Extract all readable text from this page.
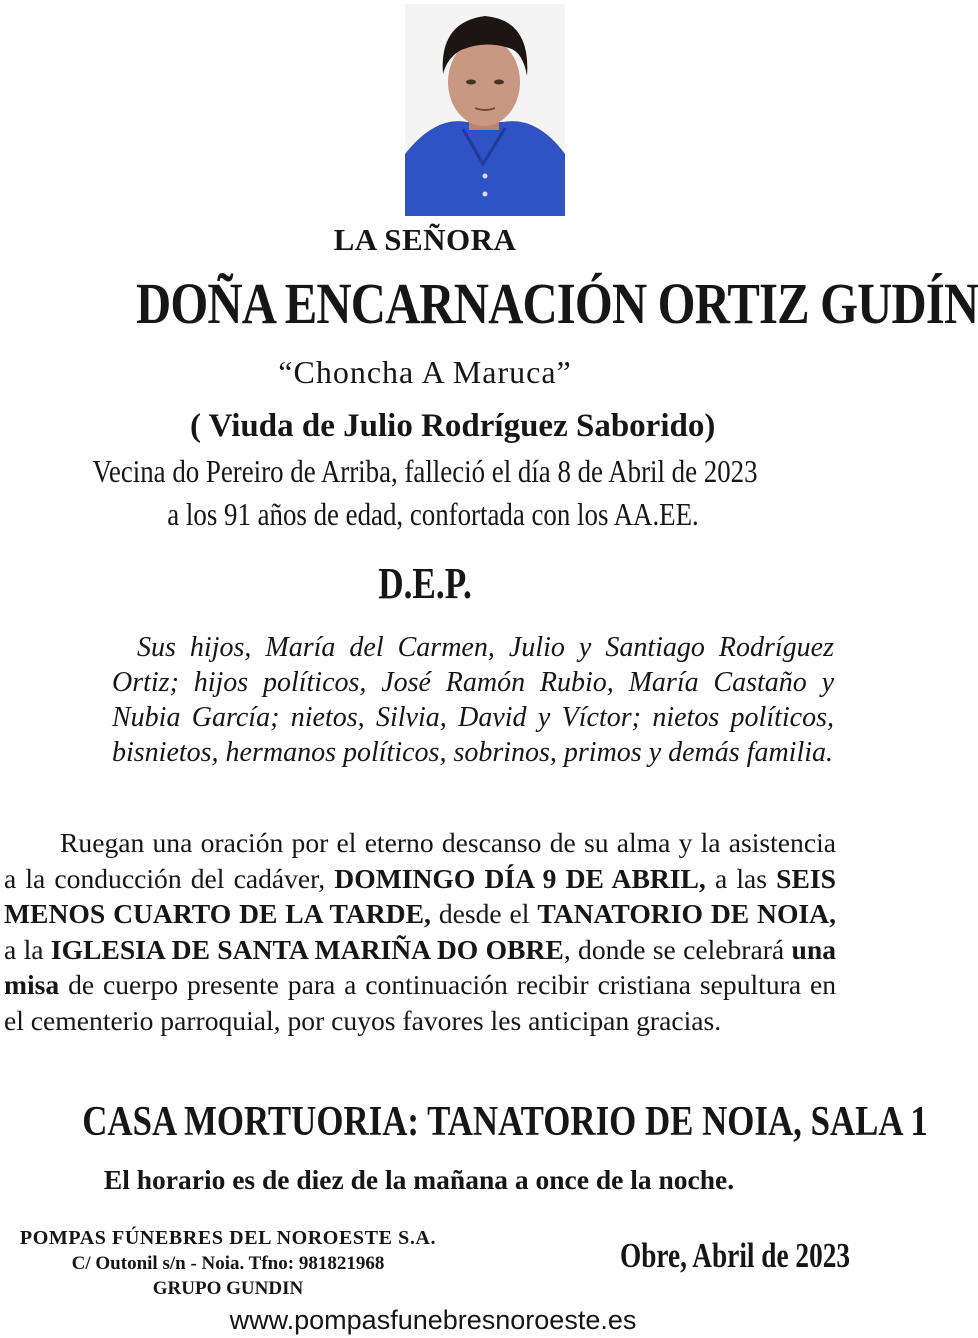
LA SEÑORA
DOÑA ENCARNACIÓN ORTIZ GUDÍN
“Choncha A Maruca”
( Viuda de Julio Rodríguez Saborido)
Vecina do Pereiro de Arriba, falleció el día 8 de Abril de 2023
a los 91 años de edad, confortada con los AA.EE.
D.E.P.
Sus hijos, María del Carmen, Julio y Santiago Rodríguez Ortiz; hijos políticos, José Ramón Rubio, María Castaño y Nubia García; nietos, Silvia, David y Víctor; nietos políticos, bisnietos, hermanos políticos, sobrinos, primos y demás familia.
Ruegan una oración por el eterno descanso de su alma y la asistencia a la conducción del cadáver, DOMINGO DÍA 9 DE ABRIL, a las SEIS MENOS CUARTO DE LA TARDE, desde el TANATORIO DE NOIA, a la IGLESIA DE SANTA MARIÑA DO OBRE, donde se celebrará una misa de cuerpo presente para a continuación recibir cristiana sepultura en el cementerio parroquial, por cuyos favores les anticipan gracias.
CASA MORTUORIA: TANATORIO DE NOIA, SALA 1
El horario es de diez de la mañana a once de la noche.
POMPAS FÚNEBRES DEL NOROESTE S.A.
C/ Outonil s/n - Noia. Tfno: 981821968
GRUPO GUNDIN
Obre, Abril de 2023
www.pompasfunebresnoroeste.es
